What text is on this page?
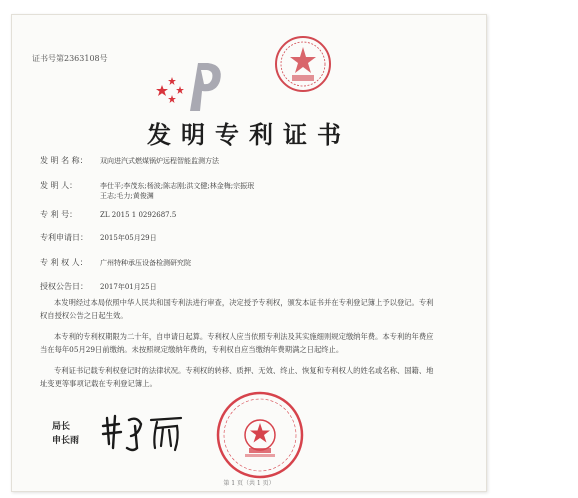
证书号第2363108号
发明专利证书
发 明 名 称： 双向进汽式燃煤锅炉远程智能监测方法
发 明 人：	李仕平;李茂东;杨波;陈志刚;洪文健;林金梅;宗振珉
王志;毛力;黄俊渊
专 利 号：	ZL 2015 1 0292687.5
专利申请日： 2015年05月29日
专 利 权 人： 广州特种承压设备检测研究院
授权公告日： 2017年01月25日

本发明经过本局依照中华人民共和国专利法进行审查，决定授予专利权，颁发本证书并在专利登记簿上予以登记。专利权自授权公告之日起生效。

本专利的专利权期限为二十年，自申请日起算。专利权人应当依照专利法及其实施细则规定缴纳年费。本专利的年费应当在每年05月29日前缴纳。未按照规定缴纳年费的，专利权自应当缴纳年费期满之日起终止。

专利证书记载专利权登记时的法律状况。专利权的转移、质押、无效、终止、恢复和专利权人的姓名或名称、国籍、地址变更等事项记载在专利登记簿上。

局长
申长雨
第 1 页（共 1 页）
